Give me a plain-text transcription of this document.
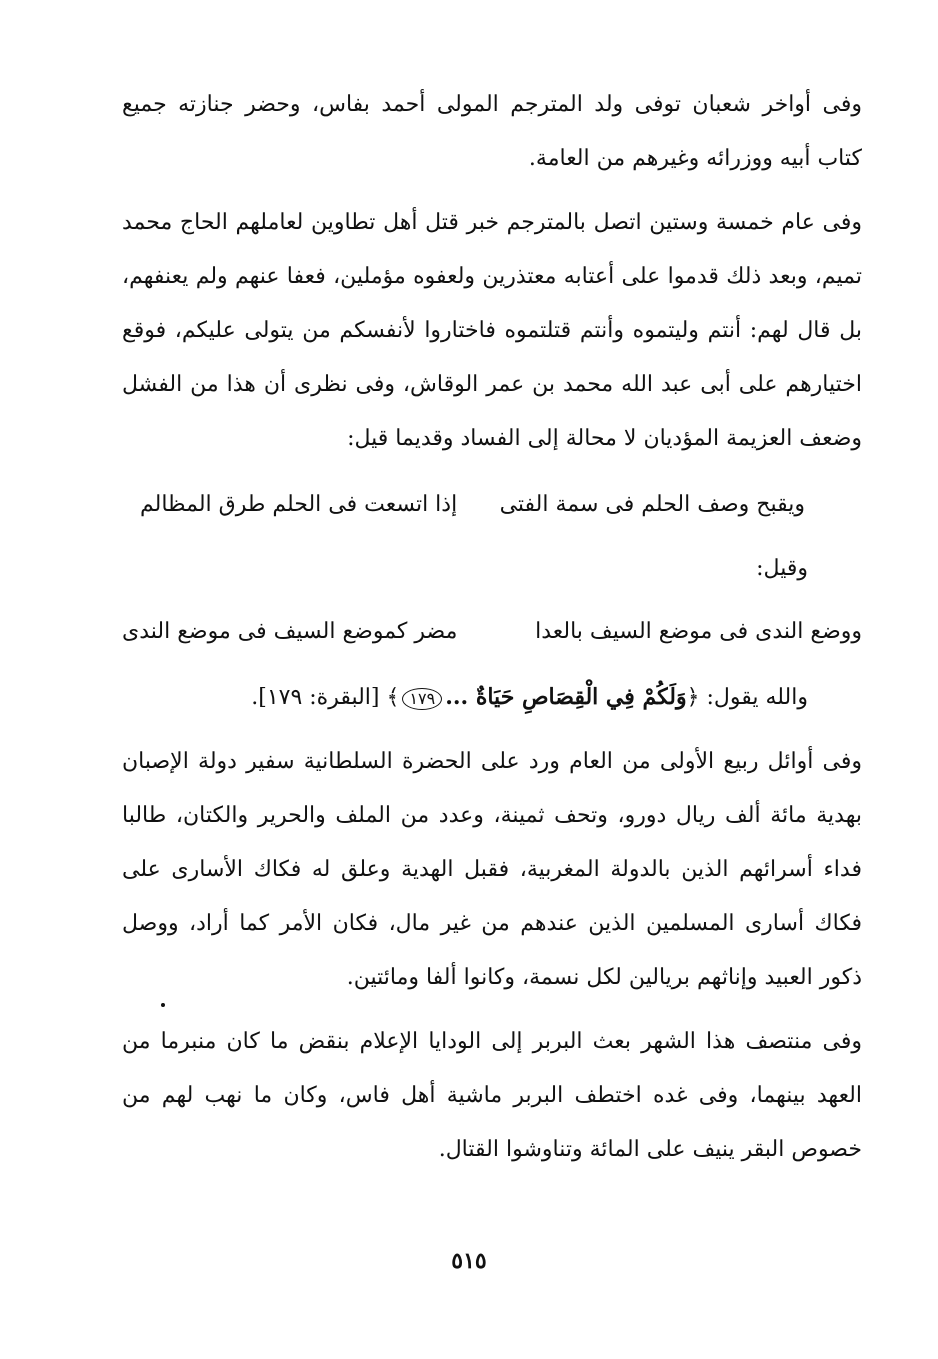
وفى أواخر شعبان توفى ولد المترجم المولى أحمد بفاس، وحضر جنازته جميع كتاب أبيه ووزرائه وغيرهم من العامة.
وفى عام خمسة وستين اتصل بالمترجم خبر قتل أهل تطاوين لعاملهم الحاج محمد تميم، وبعد ذلك قدموا على أعتابه معتذرين ولعفوه مؤملين، فعفا عنهم ولم يعنفهم، بل قال لهم: أنتم وليتموه وأنتم قتلتموه فاختاروا لأنفسكم من يتولى عليكم، فوقع اختيارهم على أبى عبد الله محمد بن عمر الوقاش، وفى نظرى أن هذا من الفشل وضعف العزيمة المؤديان لا محالة إلى الفساد وقديما قيل:
ويقبح وصف الحلم فى سمة الفتى
إذا اتسعت فى الحلم طرق المظالم
وقيل:
ووضع الندى فى موضع السيف بالعدا
مضر كموضع السيف فى موضع الندى
والله يقول: ﴿وَلَكُمْ فِي الْقِصَاصِ حَيَاةٌ ...١٧٩﴾ [البقرة: ١٧٩].
وفى أوائل ربيع الأولى من العام ورد على الحضرة السلطانية سفير دولة الإصبان بهدية مائة ألف ريال دورو، وتحف ثمينة، وعدد من الملف والحرير والكتان، طالبا فداء أسرائهم الذين بالدولة المغربية، فقبل الهدية وعلق له فكاك الأسارى على فكاك أسارى المسلمين الذين عندهم من غير مال، فكان الأمر كما أراد، ووصل ذكور العبيد وإناثهم بريالين لكل نسمة، وكانوا ألفا ومائتين.
وفى منتصف هذا الشهر بعث البربر إلى الودايا الإعلام بنقض ما كان منبرما من العهد بينهما، وفى غده اختطف البربر ماشية أهل فاس، وكان ما نهب لهم من خصوص البقر ينيف على المائة وتناوشوا القتال.
٥١٥
